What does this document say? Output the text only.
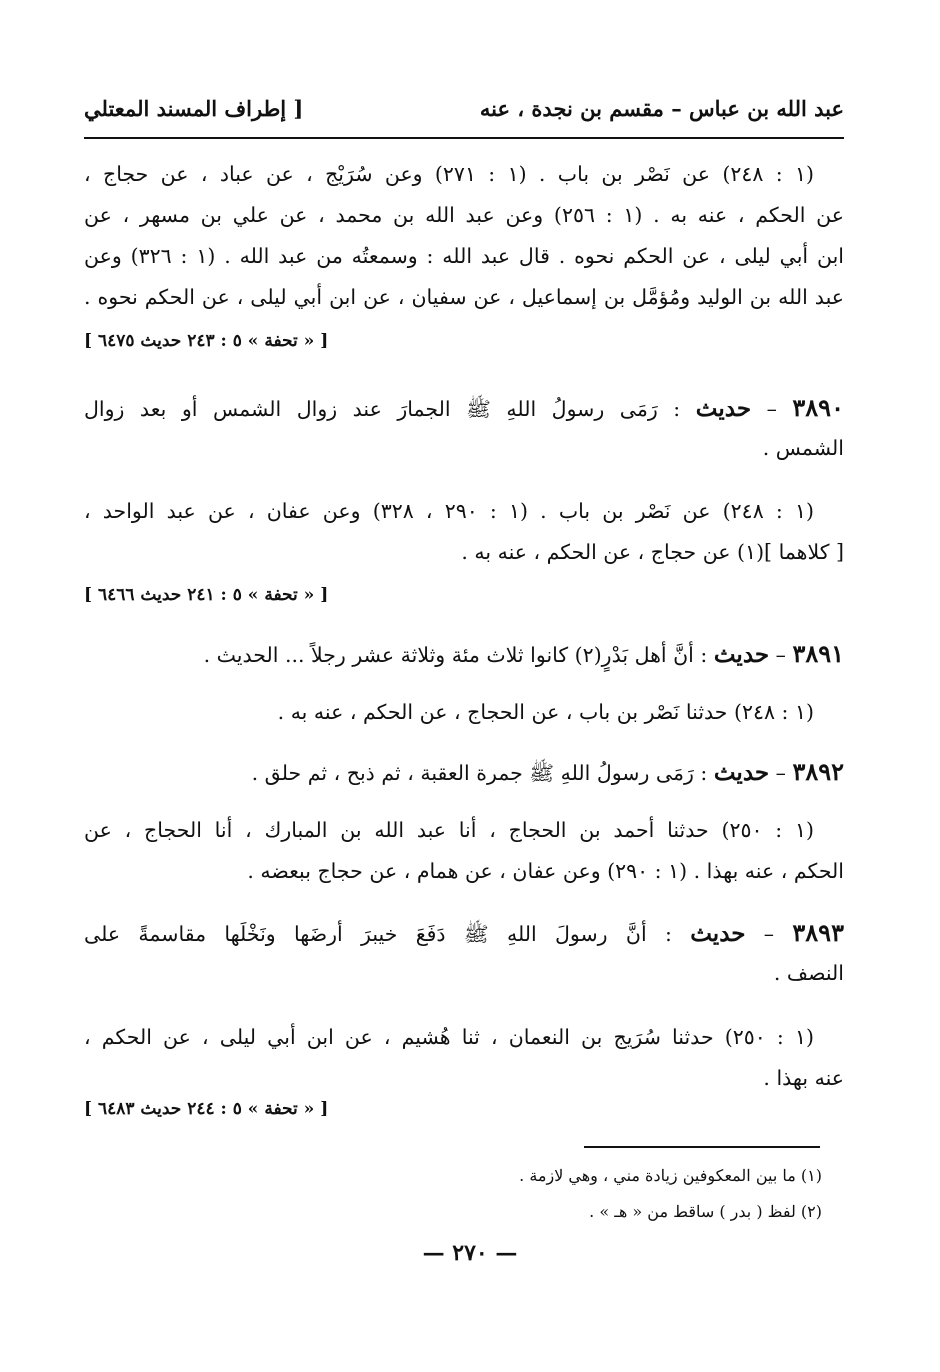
عبد الله بن عباس – مقسم بن نجدة ، عنه
[ إطراف المسند المعتلي
(١ : ٢٤٨) عن نَصْر بن باب . (١ : ٢٧١) وعن سُرَيْج ، عن عباد ، عن حجاج ،
عن الحكم ، عنه به . (١ : ٢٥٦) وعن عبد الله بن محمد ، عن علي بن مسهر ، عن
ابن أبي ليلى ، عن الحكم نحوه . قال عبد الله : وسمعتُه من عبد الله . (١ : ٣٢٦) وعن
عبد الله بن الوليد ومُؤمَّل بن إسماعيل ، عن سفيان ، عن ابن أبي ليلى ، عن الحكم نحوه .
[ « تحفة » ٥ : ٢٤٣ حديث ٦٤٧٥ ]
٣٨٩٠ – حديث : رَمَى رسولُ اللهِ ﷺ الجمارَ عند زوال الشمس أو بعد زوال
الشمس .
(١ : ٢٤٨) عن نَصْر بن باب . (١ : ٢٩٠ ، ٣٢٨) وعن عفان ، عن عبد الواحد ،
[ كلاهما ](١) عن حجاج ، عن الحكم ، عنه به .
[ « تحفة » ٥ : ٢٤١ حديث ٦٤٦٦ ]
٣٨٩١ – حديث : أنَّ أهل بَدْرٍ(٢) كانوا ثلاث مئة وثلاثة عشر رجلاً ... الحديث .
(١ : ٢٤٨) حدثنا نَصْر بن باب ، عن الحجاج ، عن الحكم ، عنه به .
٣٨٩٢ – حديث : رَمَى رسولُ اللهِ ﷺ جمرة العقبة ، ثم ذبح ، ثم حلق .
(١ : ٢٥٠) حدثنا أحمد بن الحجاج ، أنا عبد الله بن المبارك ، أنا الحجاج ، عن
الحكم ، عنه بهذا . (١ : ٢٩٠) وعن عفان ، عن همام ، عن حجاج ببعضه .
٣٨٩٣ – حديث : أنَّ رسولَ اللهِ ﷺ دَفَعَ خيبرَ أرضَها ونَخْلَها مقاسمةً على
النصف .
(١ : ٢٥٠) حدثنا سُرَيج بن النعمان ، ثنا هُشيم ، عن ابن أبي ليلى ، عن الحكم ،
عنه بهذا .
[ « تحفة » ٥ : ٢٤٤ حديث ٦٤٨٣ ]
(١) ما بين المعكوفين زيادة مني ، وهي لازمة .
(٢) لفظ ( بدر ) ساقط من « هـ » .
— ٢٧٠ —
